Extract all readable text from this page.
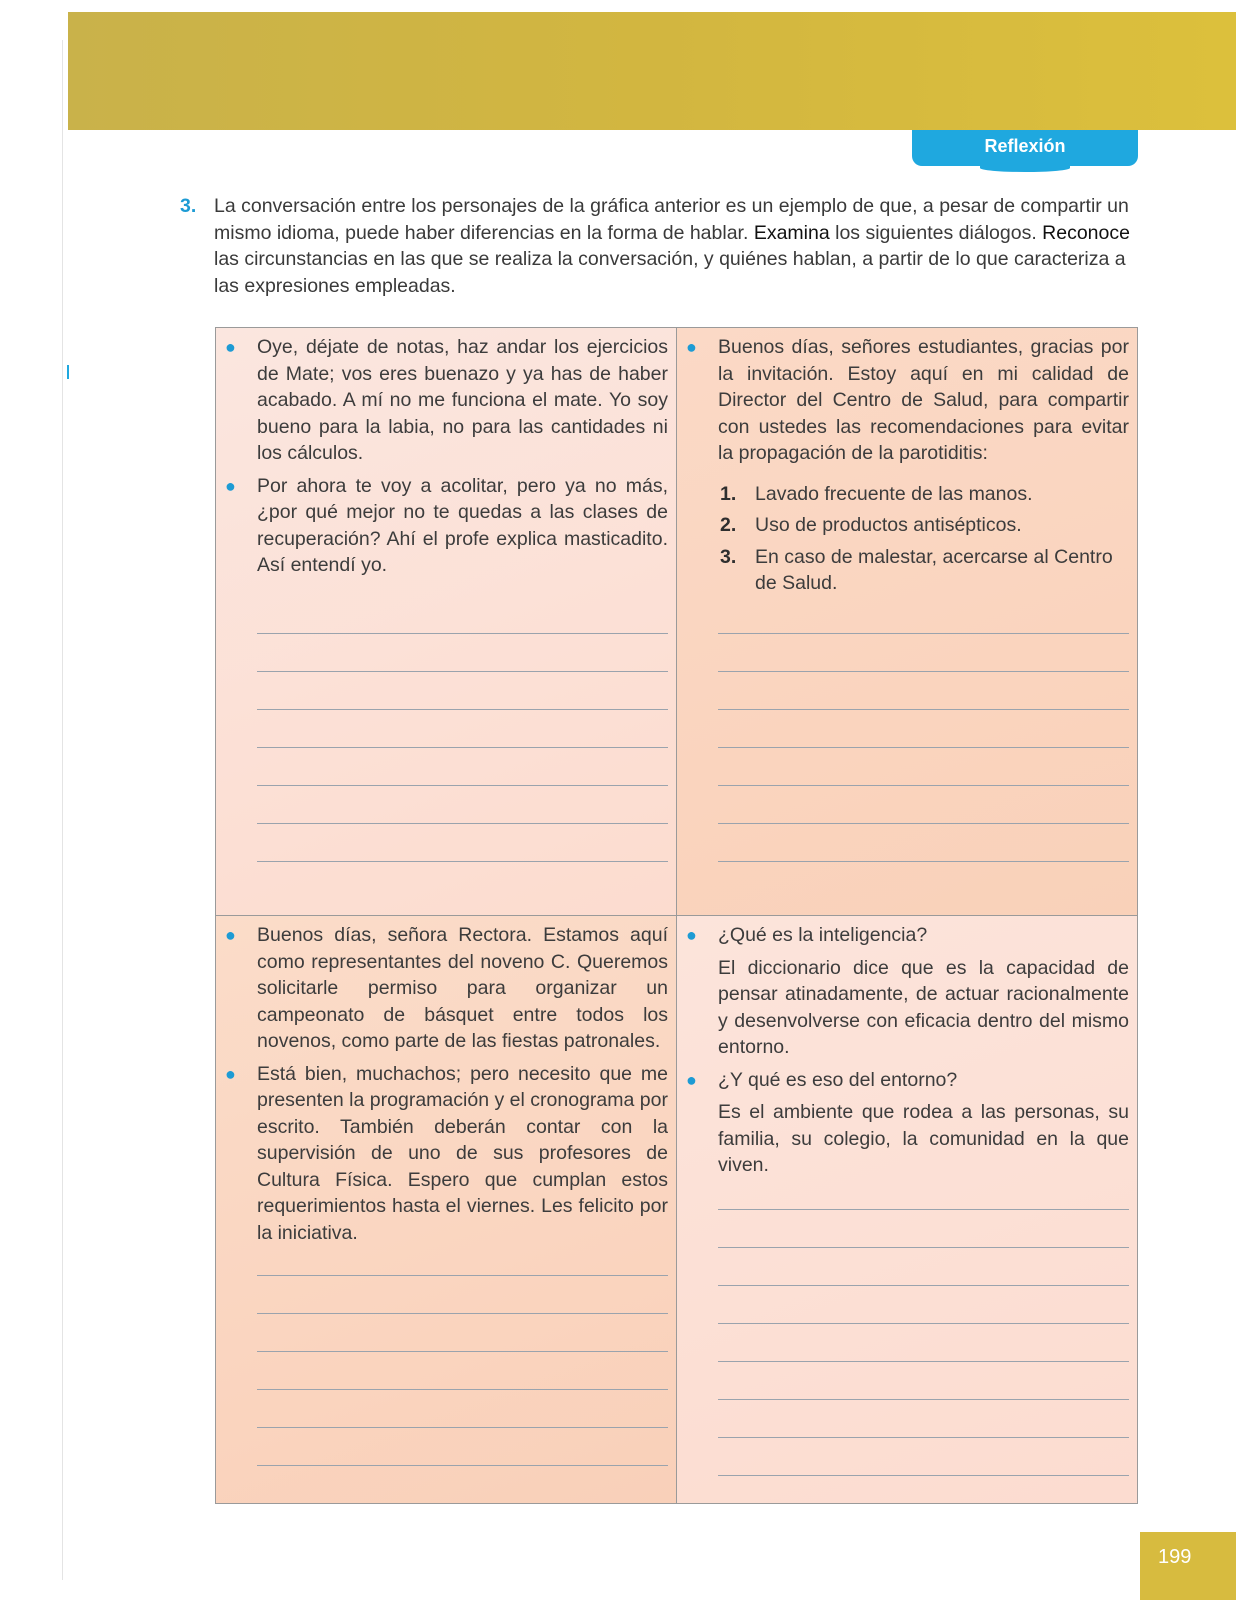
Reflexión
3. La conversación entre los personajes de la gráfica anterior es un ejemplo de que, a pesar de compartir un mismo idioma, puede haber diferencias en la forma de hablar. Examina los siguientes diálogos. Reconoce las circunstancias en las que se realiza la conversación, y quiénes hablan, a partir de lo que caracteriza a las expresiones empleadas.
● Oye, déjate de notas, haz andar los ejercicios de Mate; vos eres buenazo y ya has de haber acabado. A mí no me funciona el mate. Yo soy bueno para la labia, no para las cantidades ni los cálculos.
● Por ahora te voy a acolitar, pero ya no más, ¿por qué mejor no te quedas a las clases de recuperación? Ahí el profe explica masticadito. Así entendí yo.
● Buenos días, señores estudiantes, gracias por la invitación. Estoy aquí en mi calidad de Director del Centro de Salud, para compartir con ustedes las recomendaciones para evitar la propagación de la parotiditis:
1. Lavado frecuente de las manos.
2. Uso de productos antisépticos.
3. En caso de malestar, acercarse al Centro de Salud.
● Buenos días, señora Rectora. Estamos aquí como representantes del noveno C. Queremos solicitarle permiso para organizar un campeonato de básquet entre todos los novenos, como parte de las fiestas patronales.
● Está bien, muchachos; pero necesito que me presenten la programación y el cronograma por escrito. También deberán contar con la supervisión de uno de sus profesores de Cultura Física. Espero que cumplan estos requerimientos hasta el viernes. Les felicito por la iniciativa.
● ¿Qué es la inteligencia?
El diccionario dice que es la capacidad de pensar atinadamente, de actuar racionalmente y desenvolverse con eficacia dentro del mismo entorno.
● ¿Y qué es eso del entorno?
Es el ambiente que rodea a las personas, su familia, su colegio, la comunidad en la que viven.
199
